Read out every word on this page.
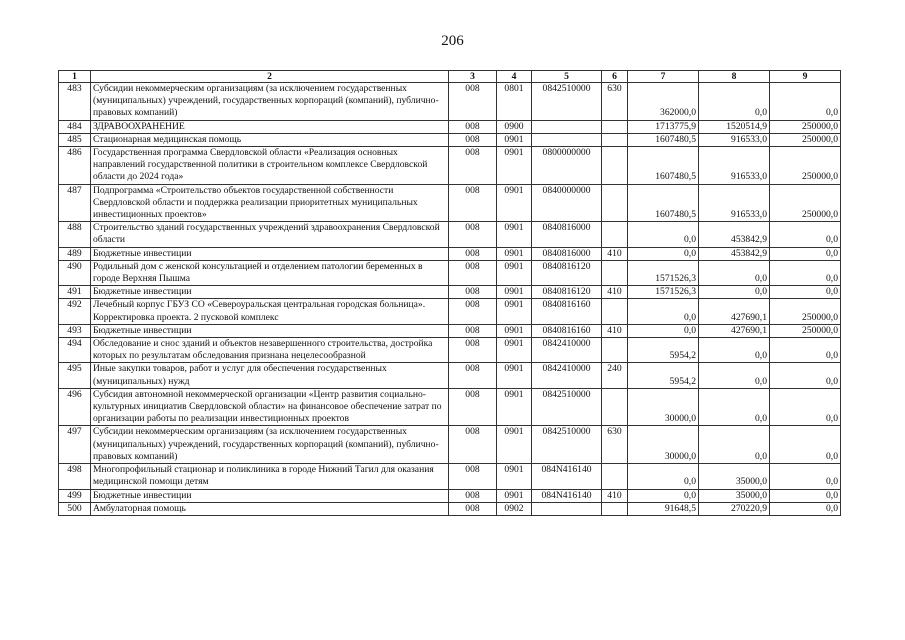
206
1	2	3	4	5	6	7	8	9
483	Субсидии некоммерческим организациям (за исключением государственных (муниципальных) учреждений, государственных корпораций (компаний), публично-правовых компаний)	008	0801	0842510000	630	362000,0	0,0	0,0
484	ЗДРАВООХРАНЕНИЕ	008	0900			1713775,9	1520514,9	250000,0
485	Стационарная медицинская помощь	008	0901			1607480,5	916533,0	250000,0
486	Государственная программа Свердловской области «Реализация основных направлений государственной политики в строительном комплексе Свердловской области до 2024 года»	008	0901	0800000000		1607480,5	916533,0	250000,0
487	Подпрограмма «Строительство объектов государственной собственности Свердловской области и поддержка реализации приоритетных муниципальных инвестиционных проектов»	008	0901	0840000000		1607480,5	916533,0	250000,0
488	Строительство зданий государственных учреждений здравоохранения Свердловской области	008	0901	0840816000		0,0	453842,9	0,0
489	Бюджетные инвестиции	008	0901	0840816000	410	0,0	453842,9	0,0
490	Родильный дом с женской консультацией и отделением патологии беременных в городе Верхняя Пышма	008	0901	0840816120		1571526,3	0,0	0,0
491	Бюджетные инвестиции	008	0901	0840816120	410	1571526,3	0,0	0,0
492	Лечебный корпус ГБУЗ СО «Североуральская центральная городская больница». Корректировка проекта. 2 пусковой комплекс	008	0901	0840816160		0,0	427690,1	250000,0
493	Бюджетные инвестиции	008	0901	0840816160	410	0,0	427690,1	250000,0
494	Обследование и снос зданий и объектов незавершенного строительства, достройка которых по результатам обследования признана нецелесообразной	008	0901	0842410000		5954,2	0,0	0,0
495	Иные закупки товаров, работ и услуг для обеспечения государственных (муниципальных) нужд	008	0901	0842410000	240	5954,2	0,0	0,0
496	Субсидия автономной некоммерческой организации «Центр развития социально-культурных инициатив Свердловской области» на финансовое обеспечение затрат по организации работы по реализации инвестиционных проектов	008	0901	0842510000		30000,0	0,0	0,0
497	Субсидии некоммерческим организациям (за исключением государственных (муниципальных) учреждений, государственных корпораций (компаний), публично-правовых компаний)	008	0901	0842510000	630	30000,0	0,0	0,0
498	Многопрофильный стационар и поликлиника в городе Нижний Тагил для оказания медицинской помощи детям	008	0901	084N416140		0,0	35000,0	0,0
499	Бюджетные инвестиции	008	0901	084N416140	410	0,0	35000,0	0,0
500	Амбулаторная помощь	008	0902			91648,5	270220,9	0,0
